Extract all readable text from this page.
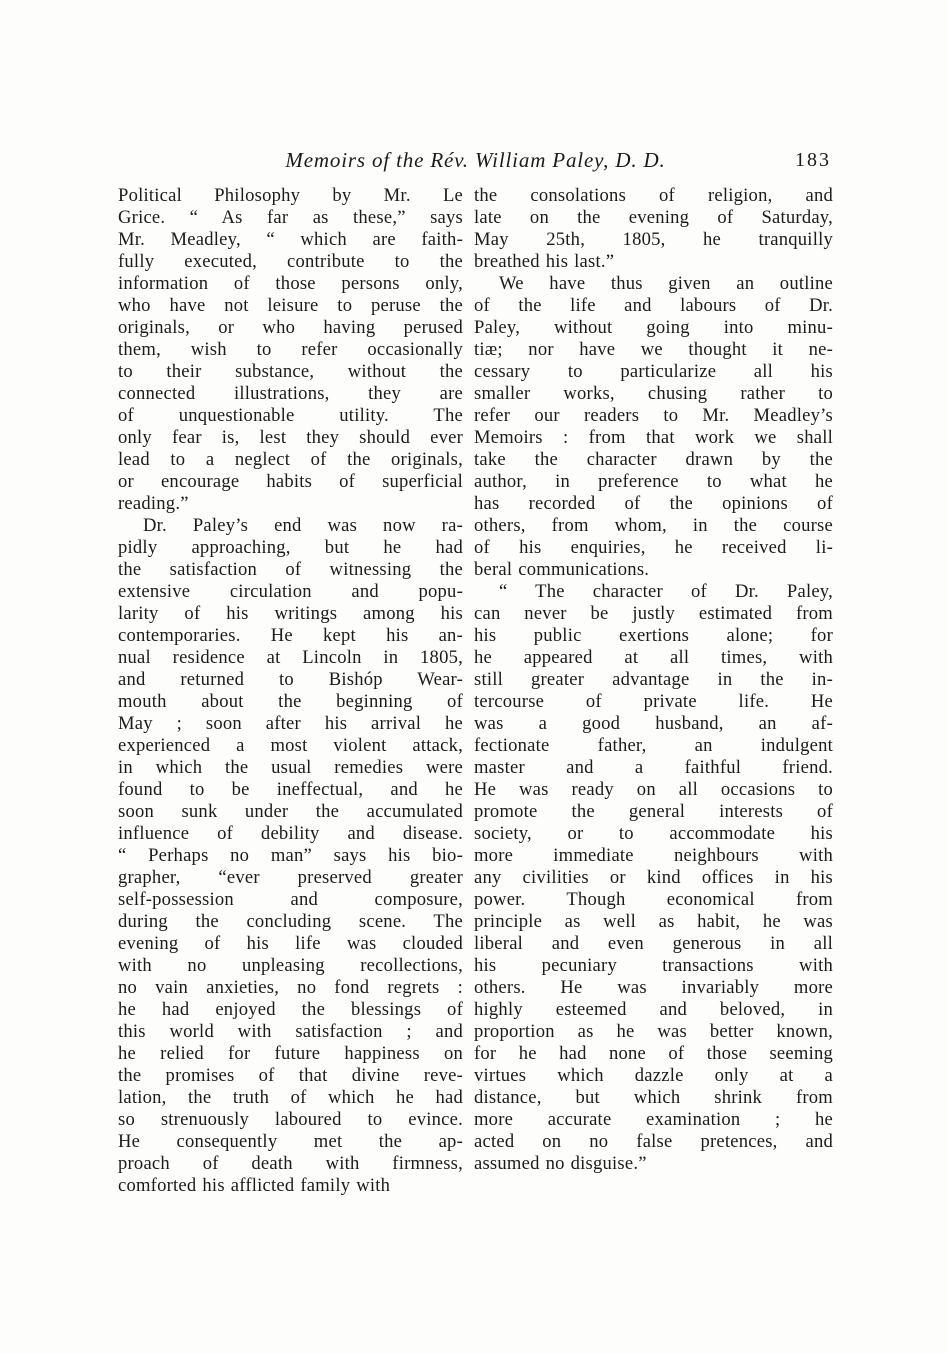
Memoirs of the Rév. William Paley, D. D.	183
Political Philosophy by Mr. Le
Grice. “ As far as these,” says
Mr. Meadley, “ which are faith-
fully executed, contribute to the
information of those persons only,
who have not leisure to peruse the
originals, or who having perused
them, wish to refer occasionally
to their substance, without the
connected illustrations, they are
of unquestionable utility. The
only fear is, lest they should ever
lead to a neglect of the originals,
or encourage habits of superficial
reading.”
Dr. Paley’s end was now ra-
pidly approaching, but he had
the satisfaction of witnessing the
extensive circulation and popu-
larity of his writings among his
contemporaries. He kept his an-
nual residence at Lincoln in 1805,
and returned to Bishóp Wear-
mouth about the beginning of
May ; soon after his arrival he
experienced a most violent attack,
in which the usual remedies were
found to be ineffectual, and he
soon sunk under the accumulated
influence of debility and disease.
“ Perhaps no man” says his bio-
grapher, “ever preserved greater
self-possession and composure,
during the concluding scene. The
evening of his life was clouded
with no unpleasing recollections,
no vain anxieties, no fond regrets :
he had enjoyed the blessings of
this world with satisfaction ; and
he relied for future happiness on
the promises of that divine reve-
lation, the truth of which he had
so strenuously laboured to evince.
He consequently met the ap-
proach of death with firmness,
comforted his afflicted family with
the consolations of religion, and
late on the evening of Saturday,
May 25th, 1805, he tranquilly
breathed his last.”
We have thus given an outline
of the life and labours of Dr.
Paley, without going into minu-
tiæ; nor have we thought it ne-
cessary to particularize all his
smaller works, chusing rather to
refer our readers to Mr. Meadley’s
Memoirs : from that work we shall
take the character drawn by the
author, in preference to what he
has recorded of the opinions of
others, from whom, in the course
of his enquiries, he received li-
beral communications.
“ The character of Dr. Paley,
can never be justly estimated from
his public exertions alone; for
he appeared at all times, with
still greater advantage in the in-
tercourse of private life. He
was a good husband, an af-
fectionate father, an indulgent
master and a faithful friend.
He was ready on all occasions to
promote the general interests of
society, or to accommodate his
more immediate neighbours with
any civilities or kind offices in his
power. Though economical from
principle as well as habit, he was
liberal and even generous in all
his pecuniary transactions with
others. He was invariably more
highly esteemed and beloved, in
proportion as he was better known,
for he had none of those seeming
virtues which dazzle only at a
distance, but which shrink from
more accurate examination ; he
acted on no false pretences, and
assumed no disguise.”
